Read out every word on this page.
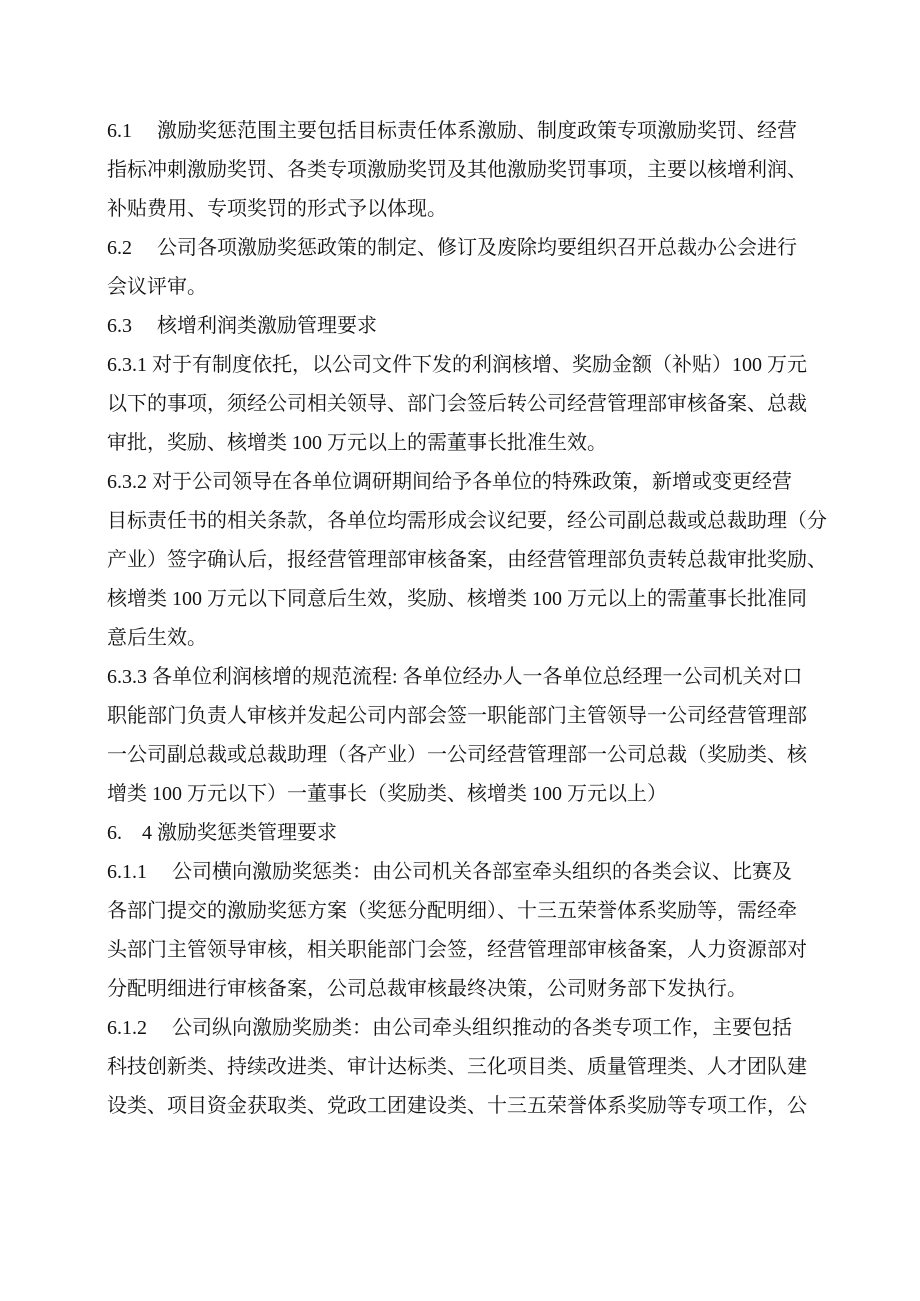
6.1　 激励奖惩范围主要包括目标责任体系激励、制度政策专项激励奖罚、经营
指标冲刺激励奖罚、各类专项激励奖罚及其他激励奖罚事项，主要以核增利润、
补贴费用、专项奖罚的形式予以体现。
6.2　 公司各项激励奖惩政策的制定、修订及废除均要组织召开总裁办公会进行
会议评审。
6.3　 核增利润类激励管理要求
6.3.1 对于有制度依托，以公司文件下发的利润核增、奖励金额（补贴）100 万元
以下的事项，须经公司相关领导、部门会签后转公司经营管理部审核备案、总裁
审批，奖励、核增类 100 万元以上的需董事长批准生效。
6.3.2 对于公司领导在各单位调研期间给予各单位的特殊政策，新增或变更经营
目标责任书的相关条款，各单位均需形成会议纪要，经公司副总裁或总裁助理（分
产业）签字确认后，报经营管理部审核备案，由经营管理部负责转总裁审批奖励、
核增类 100 万元以下同意后生效，奖励、核增类 100 万元以上的需董事长批准同
意后生效。
6.3.3 各单位利润核增的规范流程: 各单位经办人一各单位总经理一公司机关对口
职能部门负责人审核并发起公司内部会签一职能部门主管领导一公司经营管理部
一公司副总裁或总裁助理（各产业）一公司经营管理部一公司总裁（奖励类、核
增类 100 万元以下）一董事长（奖励类、核增类 100 万元以上）
6.　4 激励奖惩类管理要求
6.1.1　 公司横向激励奖惩类：由公司机关各部室牵头组织的各类会议、比赛及
各部门提交的激励奖惩方案（奖惩分配明细）、十三五荣誉体系奖励等，需经牵
头部门主管领导审核，相关职能部门会签，经营管理部审核备案，人力资源部对
分配明细进行审核备案，公司总裁审核最终决策，公司财务部下发执行。
6.1.2　 公司纵向激励奖励类：由公司牵头组织推动的各类专项工作，主要包括
科技创新类、持续改进类、审计达标类、三化项目类、质量管理类、人才团队建
设类、项目资金获取类、党政工团建设类、十三五荣誉体系奖励等专项工作，公
